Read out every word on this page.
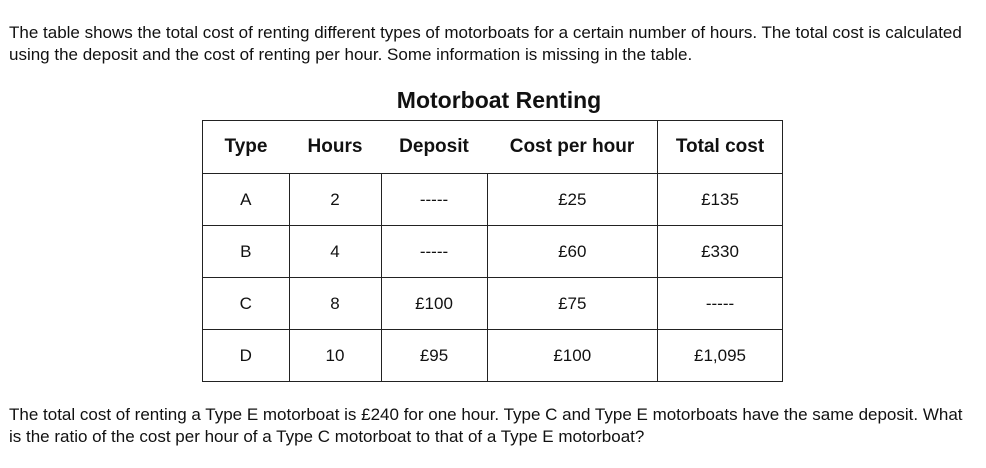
The table shows the total cost of renting different types of motorboats for a certain number of hours. The total cost is calculated using the deposit and the cost of renting per hour. Some information is missing in the table.

Motorboat Renting
Type	Hours	Deposit	Cost per hour	Total cost
A	2	-----	£25	£135
B	4	-----	£60	£330
C	8	£100	£75	-----
D	10	£95	£100	£1,095

The total cost of renting a Type E motorboat is £240 for one hour. Type C and Type E motorboats have the same deposit. What is the ratio of the cost per hour of a Type C motorboat to that of a Type E motorboat?
